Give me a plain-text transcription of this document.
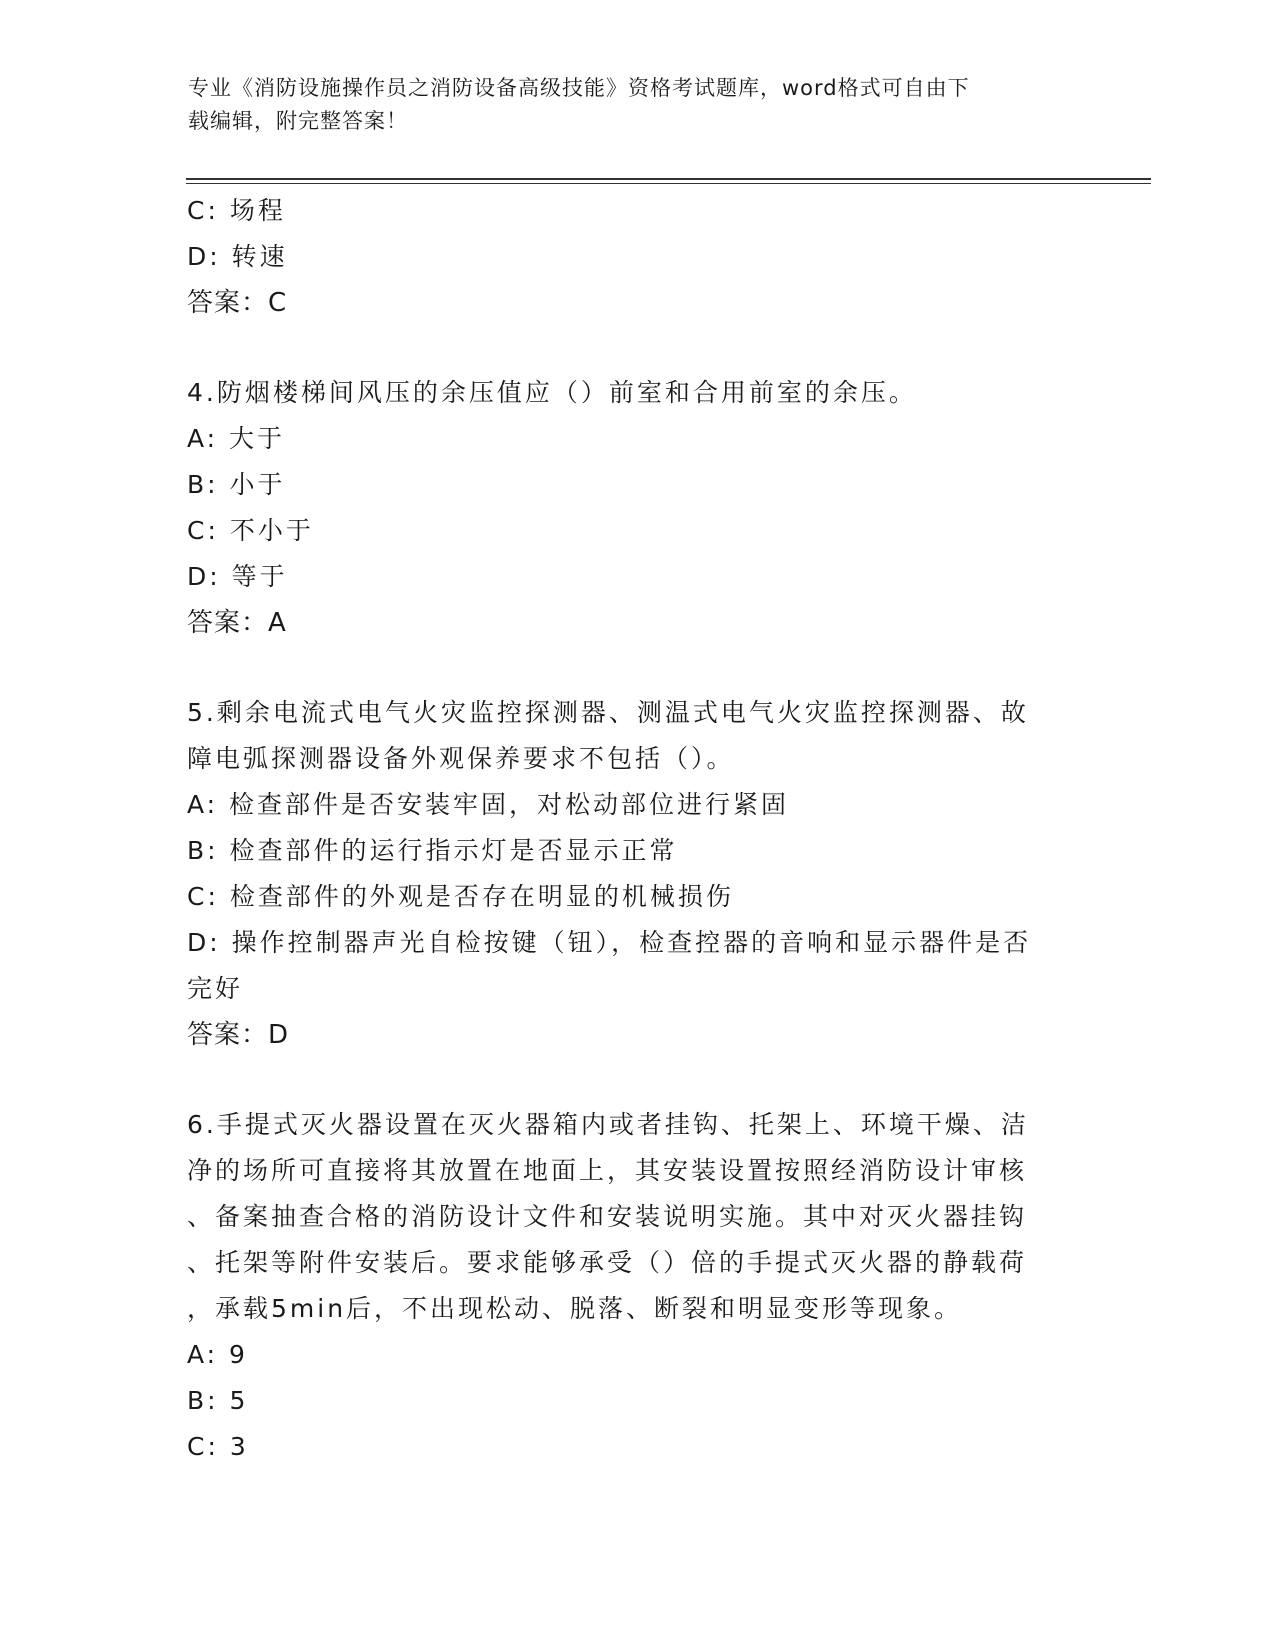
专业《消防设施操作员之消防设备高级技能》资格考试题库，word格式可自由下
载编辑，附完整答案！
C: 场程
D: 转速
答案：C
4.防烟楼梯间风压的余压值应（）前室和合用前室的余压。
A: 大于
B: 小于
C: 不小于
D: 等于
答案：A
5.剩余电流式电气火灾监控探测器、测温式电气火灾监控探测器、故
障电弧探测器设备外观保养要求不包括（）。
A: 检查部件是否安装牢固，对松动部位进行紧固
B: 检查部件的运行指示灯是否显示正常
C: 检查部件的外观是否存在明显的机械损伤
D: 操作控制器声光自检按键（钮），检查控器的音响和显示器件是否
完好
答案：D
6.手提式灭火器设置在灭火器箱内或者挂钩、托架上、环境干燥、洁
净的场所可直接将其放置在地面上，其安装设置按照经消防设计审核
、备案抽查合格的消防设计文件和安装说明实施。其中对灭火器挂钩
、托架等附件安装后。要求能够承受（）倍的手提式灭火器的静载荷
，承载5min后，不出现松动、脱落、断裂和明显变形等现象。
A: 9
B: 5
C: 3
